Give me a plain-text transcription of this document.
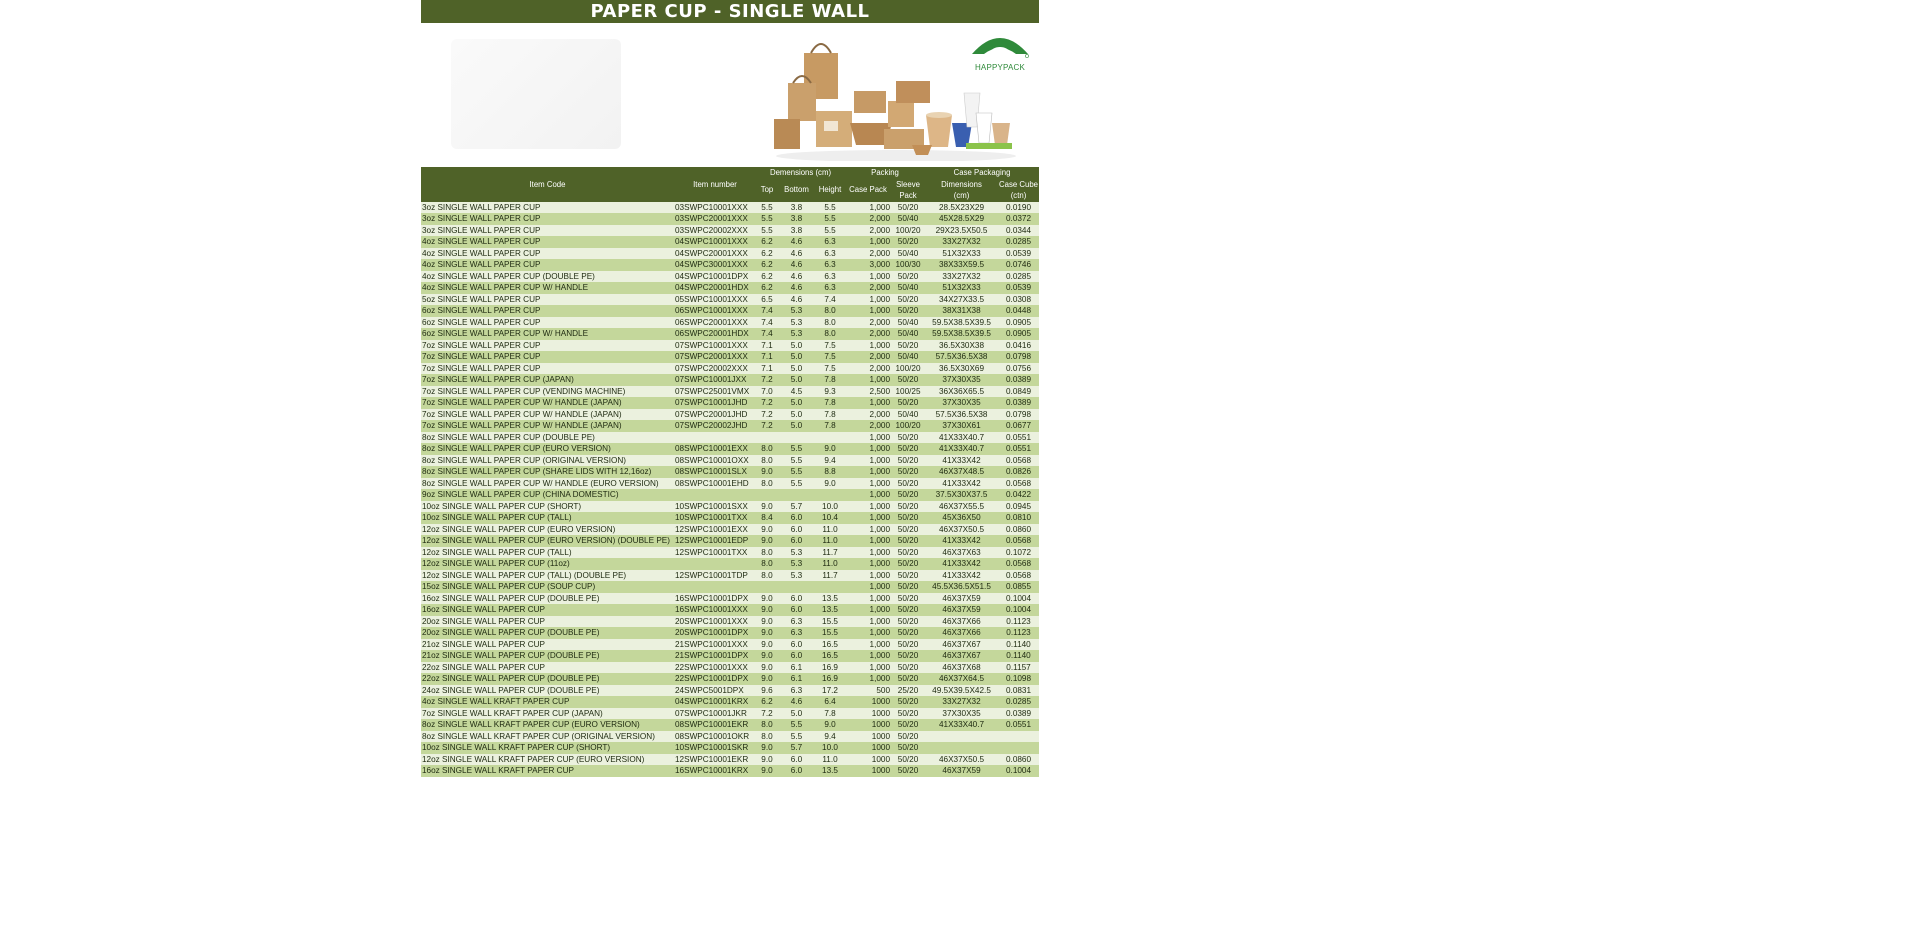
PAPER CUP - SINGLE WALL
HAPPYPACK
Item Code	Item number	Demensions (cm)			Packing		Case Packaging	
		Top	Bottom	Height	Case Pack	Sleeve	Dimensions	Case Cube
						Pack	(cm)	(ctn)
3oz SINGLE WALL PAPER CUP	03SWPC10001XXX	5.5	3.8	5.5	1,000	50/20	28.5X23X29	0.0190
3oz SINGLE WALL PAPER CUP	03SWPC20001XXX	5.5	3.8	5.5	2,000	50/40	45X28.5X29	0.0372
3oz SINGLE WALL PAPER CUP	03SWPC20002XXX	5.5	3.8	5.5	2,000	100/20	29X23.5X50.5	0.0344
4oz SINGLE WALL PAPER CUP	04SWPC10001XXX	6.2	4.6	6.3	1,000	50/20	33X27X32	0.0285
4oz SINGLE WALL PAPER CUP	04SWPC20001XXX	6.2	4.6	6.3	2,000	50/40	51X32X33	0.0539
4oz SINGLE WALL PAPER CUP	04SWPC30001XXX	6.2	4.6	6.3	3,000	100/30	38X33X59.5	0.0746
4oz SINGLE WALL PAPER CUP (DOUBLE PE)	04SWPC10001DPX	6.2	4.6	6.3	1,000	50/20	33X27X32	0.0285
4oz SINGLE WALL PAPER CUP W/ HANDLE	04SWPC20001HDX	6.2	4.6	6.3	2,000	50/40	51X32X33	0.0539
5oz SINGLE WALL PAPER CUP	05SWPC10001XXX	6.5	4.6	7.4	1,000	50/20	34X27X33.5	0.0308
6oz SINGLE WALL PAPER CUP	06SWPC10001XXX	7.4	5.3	8.0	1,000	50/20	38X31X38	0.0448
6oz SINGLE WALL PAPER CUP	06SWPC20001XXX	7.4	5.3	8.0	2,000	50/40	59.5X38.5X39.5	0.0905
6oz SINGLE WALL PAPER CUP W/ HANDLE	06SWPC20001HDX	7.4	5.3	8.0	2,000	50/40	59.5X38.5X39.5	0.0905
7oz SINGLE WALL PAPER CUP	07SWPC10001XXX	7.1	5.0	7.5	1,000	50/20	36.5X30X38	0.0416
7oz SINGLE WALL PAPER CUP	07SWPC20001XXX	7.1	5.0	7.5	2,000	50/40	57.5X36.5X38	0.0798
7oz SINGLE WALL PAPER CUP	07SWPC20002XXX	7.1	5.0	7.5	2,000	100/20	36.5X30X69	0.0756
7oz SINGLE WALL PAPER CUP (JAPAN)	07SWPC10001JXX	7.2	5.0	7.8	1,000	50/20	37X30X35	0.0389
7oz SINGLE WALL PAPER CUP (VENDING MACHINE)	07SWPC25001VMX	7.0	4.5	9.3	2,500	100/25	36X36X65.5	0.0849
7oz SINGLE WALL PAPER CUP W/ HANDLE (JAPAN)	07SWPC10001JHD	7.2	5.0	7.8	1,000	50/20	37X30X35	0.0389
7oz SINGLE WALL PAPER CUP W/ HANDLE (JAPAN)	07SWPC20001JHD	7.2	5.0	7.8	2,000	50/40	57.5X36.5X38	0.0798
7oz SINGLE WALL PAPER CUP W/ HANDLE (JAPAN)	07SWPC20002JHD	7.2	5.0	7.8	2,000	100/20	37X30X61	0.0677
8oz SINGLE WALL PAPER CUP (DOUBLE PE)					1,000	50/20	41X33X40.7	0.0551
8oz SINGLE WALL PAPER CUP (EURO VERSION)	08SWPC10001EXX	8.0	5.5	9.0	1,000	50/20	41X33X40.7	0.0551
8oz SINGLE WALL PAPER CUP (ORIGINAL VERSION)	08SWPC10001OXX	8.0	5.5	9.4	1,000	50/20	41X33X42	0.0568
8oz SINGLE WALL PAPER CUP (SHARE LIDS WITH 12,16oz)	08SWPC10001SLX	9.0	5.5	8.8	1,000	50/20	46X37X48.5	0.0826
8oz SINGLE WALL PAPER CUP W/ HANDLE (EURO VERSION)	08SWPC10001EHD	8.0	5.5	9.0	1,000	50/20	41X33X42	0.0568
9oz SINGLE WALL PAPER CUP (CHINA DOMESTIC)					1,000	50/20	37.5X30X37.5	0.0422
10oz SINGLE WALL PAPER CUP (SHORT)	10SWPC10001SXX	9.0	5.7	10.0	1,000	50/20	46X37X55.5	0.0945
10oz SINGLE WALL PAPER CUP (TALL)	10SWPC10001TXX	8.4	6.0	10.4	1,000	50/20	45X36X50	0.0810
12oz SINGLE WALL PAPER CUP (EURO VERSION)	12SWPC10001EXX	9.0	6.0	11.0	1,000	50/20	46X37X50.5	0.0860
12oz SINGLE WALL PAPER CUP (EURO VERSION) (DOUBLE PE)	12SWPC10001EDP	9.0	6.0	11.0	1,000	50/20	41X33X42	0.0568
12oz SINGLE WALL PAPER CUP (TALL)	12SWPC10001TXX	8.0	5.3	11.7	1,000	50/20	46X37X63	0.1072
12oz SINGLE WALL PAPER CUP (11oz)		8.0	5.3	11.0	1,000	50/20	41X33X42	0.0568
12oz SINGLE WALL PAPER CUP (TALL) (DOUBLE PE)	12SWPC10001TDP	8.0	5.3	11.7	1,000	50/20	41X33X42	0.0568
15oz SINGLE WALL PAPER CUP (SOUP CUP)					1,000	50/20	45.5X36.5X51.5	0.0855
16oz SINGLE WALL PAPER CUP (DOUBLE PE)	16SWPC10001DPX	9.0	6.0	13.5	1,000	50/20	46X37X59	0.1004
16oz SINGLE WALL PAPER CUP	16SWPC10001XXX	9.0	6.0	13.5	1,000	50/20	46X37X59	0.1004
20oz SINGLE WALL PAPER CUP	20SWPC10001XXX	9.0	6.3	15.5	1,000	50/20	46X37X66	0.1123
20oz SINGLE WALL PAPER CUP (DOUBLE PE)	20SWPC10001DPX	9.0	6.3	15.5	1,000	50/20	46X37X66	0.1123
21oz SINGLE WALL PAPER CUP	21SWPC10001XXX	9.0	6.0	16.5	1,000	50/20	46X37X67	0.1140
21oz SINGLE WALL PAPER CUP (DOUBLE PE)	21SWPC10001DPX	9.0	6.0	16.5	1,000	50/20	46X37X67	0.1140
22oz SINGLE WALL PAPER CUP	22SWPC10001XXX	9.0	6.1	16.9	1,000	50/20	46X37X68	0.1157
22oz SINGLE WALL PAPER CUP (DOUBLE PE)	22SWPC10001DPX	9.0	6.1	16.9	1,000	50/20	46X37X64.5	0.1098
24oz SINGLE WALL PAPER CUP (DOUBLE PE)	24SWPC5001DPX	9.6	6.3	17.2	500	25/20	49.5X39.5X42.5	0.0831
4oz SINGLE WALL KRAFT PAPER CUP	04SWPC10001KRX	6.2	4.6	6.4	1000	50/20	33X27X32	0.0285
7oz SINGLE WALL KRAFT PAPER CUP (JAPAN)	07SWPC10001JKR	7.2	5.0	7.8	1000	50/20	37X30X35	0.0389
8oz SINGLE WALL KRAFT PAPER CUP (EURO VERSION)	08SWPC10001EKR	8.0	5.5	9.0	1000	50/20	41X33X40.7	0.0551
8oz SINGLE WALL KRAFT PAPER CUP (ORIGINAL VERSION)	08SWPC10001OKR	8.0	5.5	9.4	1000	50/20		
10oz SINGLE WALL KRAFT PAPER CUP (SHORT)	10SWPC10001SKR	9.0	5.7	10.0	1000	50/20		
12oz SINGLE WALL KRAFT PAPER CUP (EURO VERSION)	12SWPC10001EKR	9.0	6.0	11.0	1000	50/20	46X37X50.5	0.0860
16oz SINGLE WALL KRAFT PAPER CUP	16SWPC10001KRX	9.0	6.0	13.5	1000	50/20	46X37X59	0.1004
